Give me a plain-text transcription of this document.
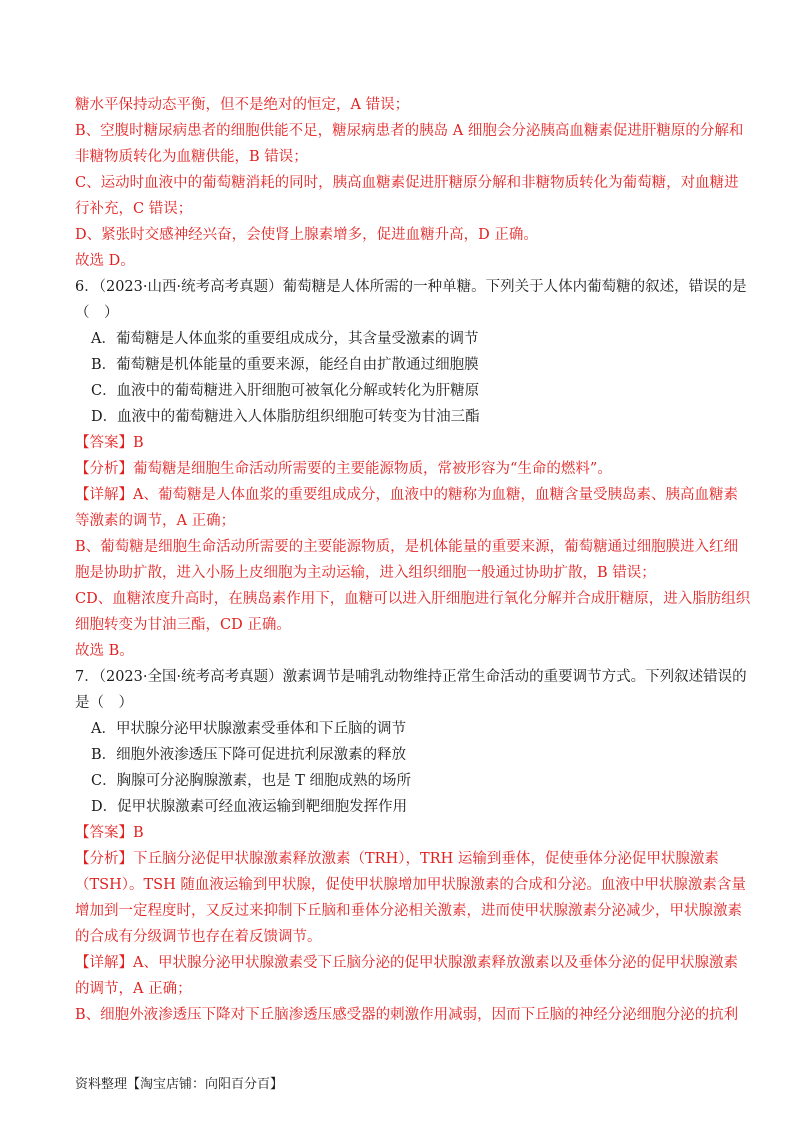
糖水平保持动态平衡，但不是绝对的恒定，A 错误；
B、空腹时糖尿病患者的细胞供能不足，糖尿病患者的胰岛 A 细胞会分泌胰高血糖素促进肝糖原的分解和
非糖物质转化为血糖供能，B 错误；
C、运动时血液中的葡萄糖消耗的同时，胰高血糖素促进肝糖原分解和非糖物质转化为葡萄糖，对血糖进
行补充，C 错误；
D、紧张时交感神经兴奋，会使肾上腺素增多，促进血糖升高，D 正确。
故选 D。
6．（2023·山西·统考高考真题）葡萄糖是人体所需的一种单糖。下列关于人体内葡萄糖的叙述，错误的是
（　）
A．葡萄糖是人体血浆的重要组成成分，其含量受激素的调节
B．葡萄糖是机体能量的重要来源，能经自由扩散通过细胞膜
C．血液中的葡萄糖进入肝细胞可被氧化分解或转化为肝糖原
D．血液中的葡萄糖进入人体脂肪组织细胞可转变为甘油三酯
【答案】B
【分析】葡萄糖是细胞生命活动所需要的主要能源物质，常被形容为“生命的燃料”。
【详解】A、葡萄糖是人体血浆的重要组成成分，血液中的糖称为血糖，血糖含量受胰岛素、胰高血糖素
等激素的调节，A 正确；
B、葡萄糖是细胞生命活动所需要的主要能源物质，是机体能量的重要来源，葡萄糖通过细胞膜进入红细
胞是协助扩散，进入小肠上皮细胞为主动运输，进入组织细胞一般通过协助扩散，B 错误；
CD、血糖浓度升高时，在胰岛素作用下，血糖可以进入肝细胞进行氧化分解并合成肝糖原，进入脂肪组织
细胞转变为甘油三酯，CD 正确。
故选 B。
7．（2023·全国·统考高考真题）激素调节是哺乳动物维持正常生命活动的重要调节方式。下列叙述错误的
是（　）
A．甲状腺分泌甲状腺激素受垂体和下丘脑的调节
B．细胞外液渗透压下降可促进抗利尿激素的释放
C．胸腺可分泌胸腺激素，也是 T 细胞成熟的场所
D．促甲状腺激素可经血液运输到靶细胞发挥作用
【答案】B
【分析】下丘脑分泌促甲状腺激素释放激素（TRH），TRH 运输到垂体，促使垂体分泌促甲状腺激素
（TSH）。TSH 随血液运输到甲状腺，促使甲状腺增加甲状腺激素的合成和分泌。血液中甲状腺激素含量
增加到一定程度时，又反过来抑制下丘脑和垂体分泌相关激素，进而使甲状腺激素分泌减少，甲状腺激素
的合成有分级调节也存在着反馈调节。
【详解】A、甲状腺分泌甲状腺激素受下丘脑分泌的促甲状腺激素释放激素以及垂体分泌的促甲状腺激素
的调节，A 正确；
B、细胞外液渗透压下降对下丘脑渗透压感受器的刺激作用减弱，因而下丘脑的神经分泌细胞分泌的抗利
资料整理【淘宝店铺：向阳百分百】
